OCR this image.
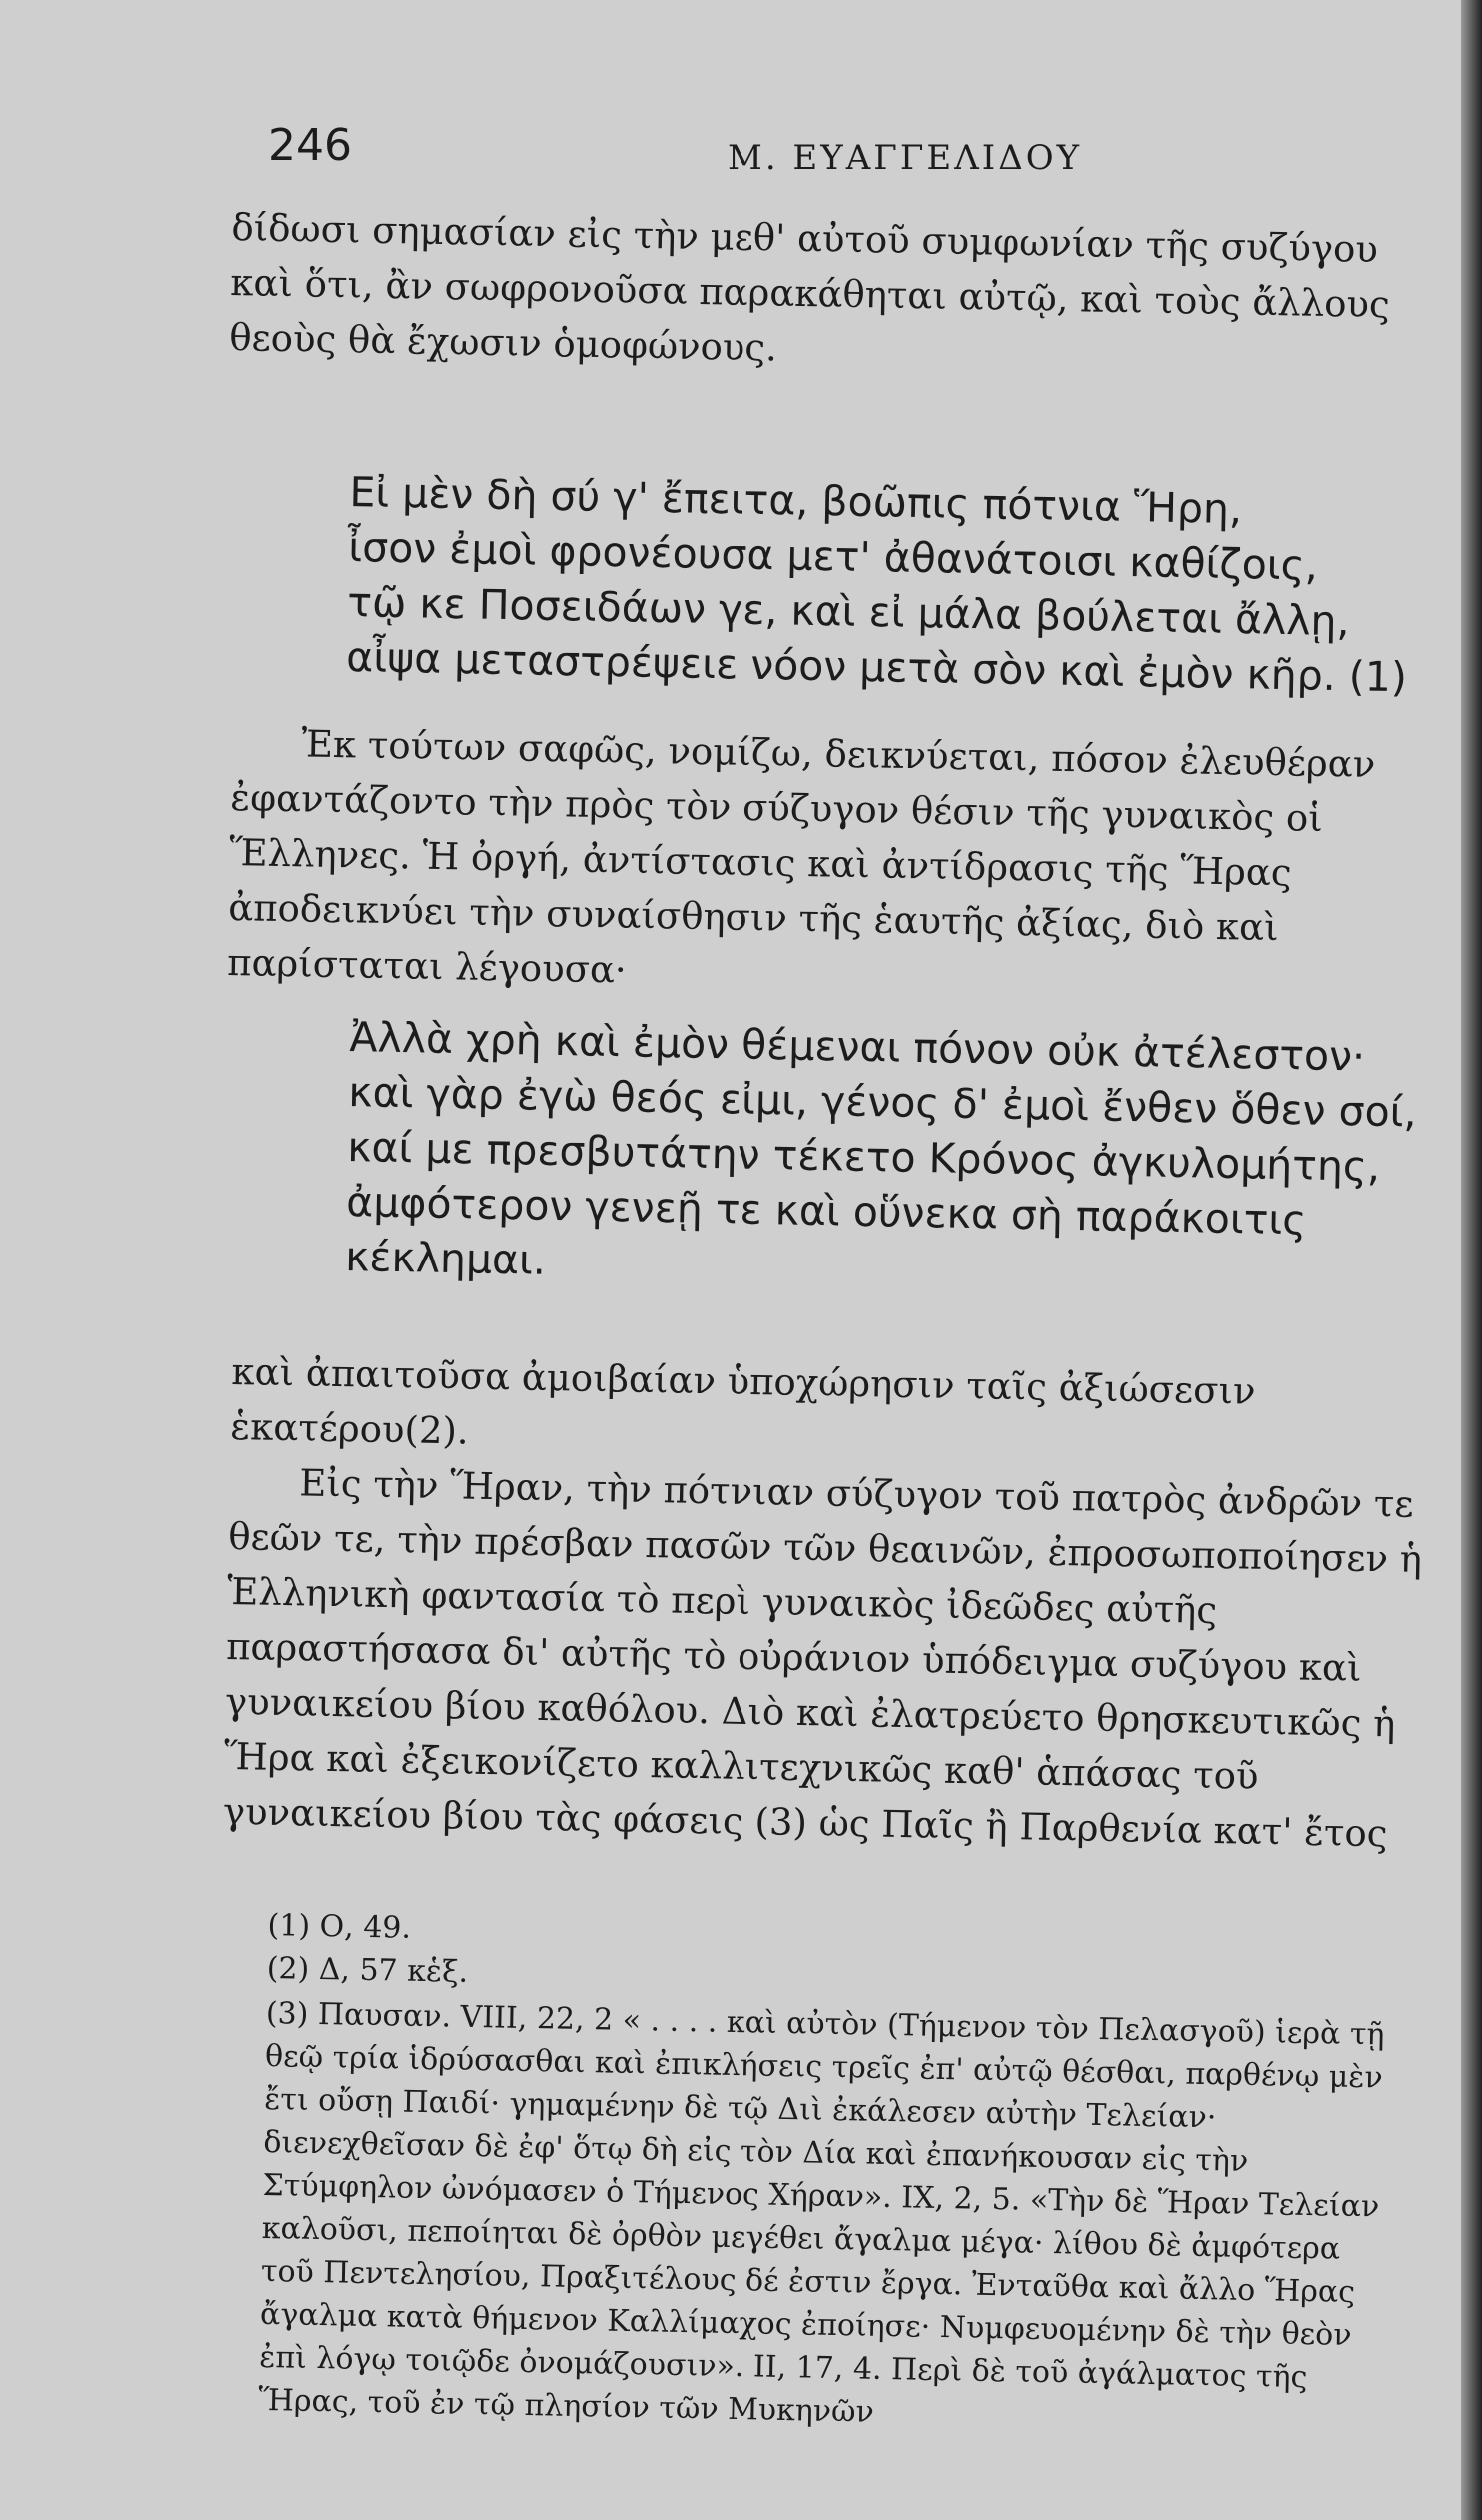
246	Μ. ΕΥΑΓΓΕΛΙΔΟΥ

δίδωσι σημασίαν εἰς τὴν μεθ' αὐτοῦ συμφωνίαν τῆς συζύγου καὶ ὅτι, ἂν σωφρονοῦσα παρακάθηται αὐτῷ, καὶ τοὺς ἄλλους θεοὺς θὰ ἔχωσιν ὁμοφώνους.

Εἰ μὲν δὴ σύ γ' ἔπειτα, βοῶπις πότνια Ἥρη,
ἶσον ἐμοὶ φρονέουσα μετ' ἀθανάτοισι καθίζοις,
τῷ κε Ποσειδάων γε, καὶ εἰ μάλα βούλεται ἄλλῃ,
αἶψα μεταστρέψειε νόον μετὰ σὸν καὶ ἐμὸν κῆρ. (1)

Ἐκ τούτων σαφῶς, νομίζω, δεικνύεται, πόσον ἐλευθέραν ἐφαντάζοντο τὴν πρὸς τὸν σύζυγον θέσιν τῆς γυναικὸς οἱ Ἕλληνες. Ἡ ὀργή, ἀντίστασις καὶ ἀντίδρασις τῆς Ἥρας ἀποδεικνύει τὴν συναίσθησιν τῆς ἑαυτῆς ἀξίας, διὸ καὶ παρίσταται λέγουσα·

Ἀλλὰ χρὴ καὶ ἐμὸν θέμεναι πόνον οὐκ ἀτέλεστον·
καὶ γὰρ ἐγὼ θεός εἰμι, γένος δ' ἐμοὶ ἔνθεν ὅθεν σοί,
καί με πρεσβυτάτην τέκετο Κρόνος ἀγκυλομήτης,
ἀμφότερον γενεῇ τε καὶ οὕνεκα σὴ παράκοιτις
κέκλημαι.

καὶ ἀπαιτοῦσα ἀμοιβαίαν ὑποχώρησιν ταῖς ἀξιώσεσιν ἑκατέρου(2).

Εἰς τὴν Ἥραν, τὴν πότνιαν σύζυγον τοῦ πατρὸς ἀνδρῶν τε θεῶν τε, τὴν πρέσβαν πασῶν τῶν θεαινῶν, ἐπροσωποποίησεν ἡ Ἑλληνικὴ φαντασία τὸ περὶ γυναικὸς ἰδεῶδες αὐτῆς παραστήσασα δι' αὐτῆς τὸ οὐράνιον ὑπόδειγμα συζύγου καὶ γυναικείου βίου καθόλου. Διὸ καὶ ἐλατρεύετο θρησκευτικῶς ἡ Ἥρα καὶ ἐξεικονίζετο καλλιτεχνικῶς καθ' ἁπάσας τοῦ γυναικείου βίου τὰς φάσεις (3) ὡς Παῖς ἢ Παρθενία κατ' ἔτος

(1) Ο, 49.
(2) Δ, 57 κἑξ.
(3) Παυσαν. VIII, 22, 2 « . . . . καὶ αὐτὸν (Τήμενον τὸν Πελασγοῦ) ἱερὰ τῇ θεῷ τρία ἱδρύσασθαι καὶ ἐπικλήσεις τρεῖς ἐπ' αὐτῷ θέσθαι, παρθένῳ μὲν ἔτι οὔσῃ Παιδί· γημαμένην δὲ τῷ Διὶ ἐκάλεσεν αὐτὴν Τελείαν· διενεχθεῖσαν δὲ ἐφ' ὅτῳ δὴ εἰς τὸν Δία καὶ ἐπανήκουσαν εἰς τὴν Στύμφηλον ὠνόμασεν ὁ Τήμενος Χήραν». IX, 2, 5. «Τὴν δὲ Ἥραν Τελείαν καλοῦσι, πεποίηται δὲ ὀρθὸν μεγέθει ἄγαλμα μέγα· λίθου δὲ ἀμφότερα τοῦ Πεντελησίου, Πραξιτέλους δέ ἐστιν ἔργα. Ἐνταῦθα καὶ ἄλλο Ἥρας ἄγαλμα κατὰ θήμενον Καλλίμαχος ἐποίησε· Νυμφευομένην δὲ τὴν θεὸν ἐπὶ λόγῳ τοιῷδε ὀνομάζουσιν». ΙΙ, 17, 4. Περὶ δὲ τοῦ ἀγάλματος τῆς Ἥρας, τοῦ ἐν τῷ πλησίον τῶν Μυκηνῶν
